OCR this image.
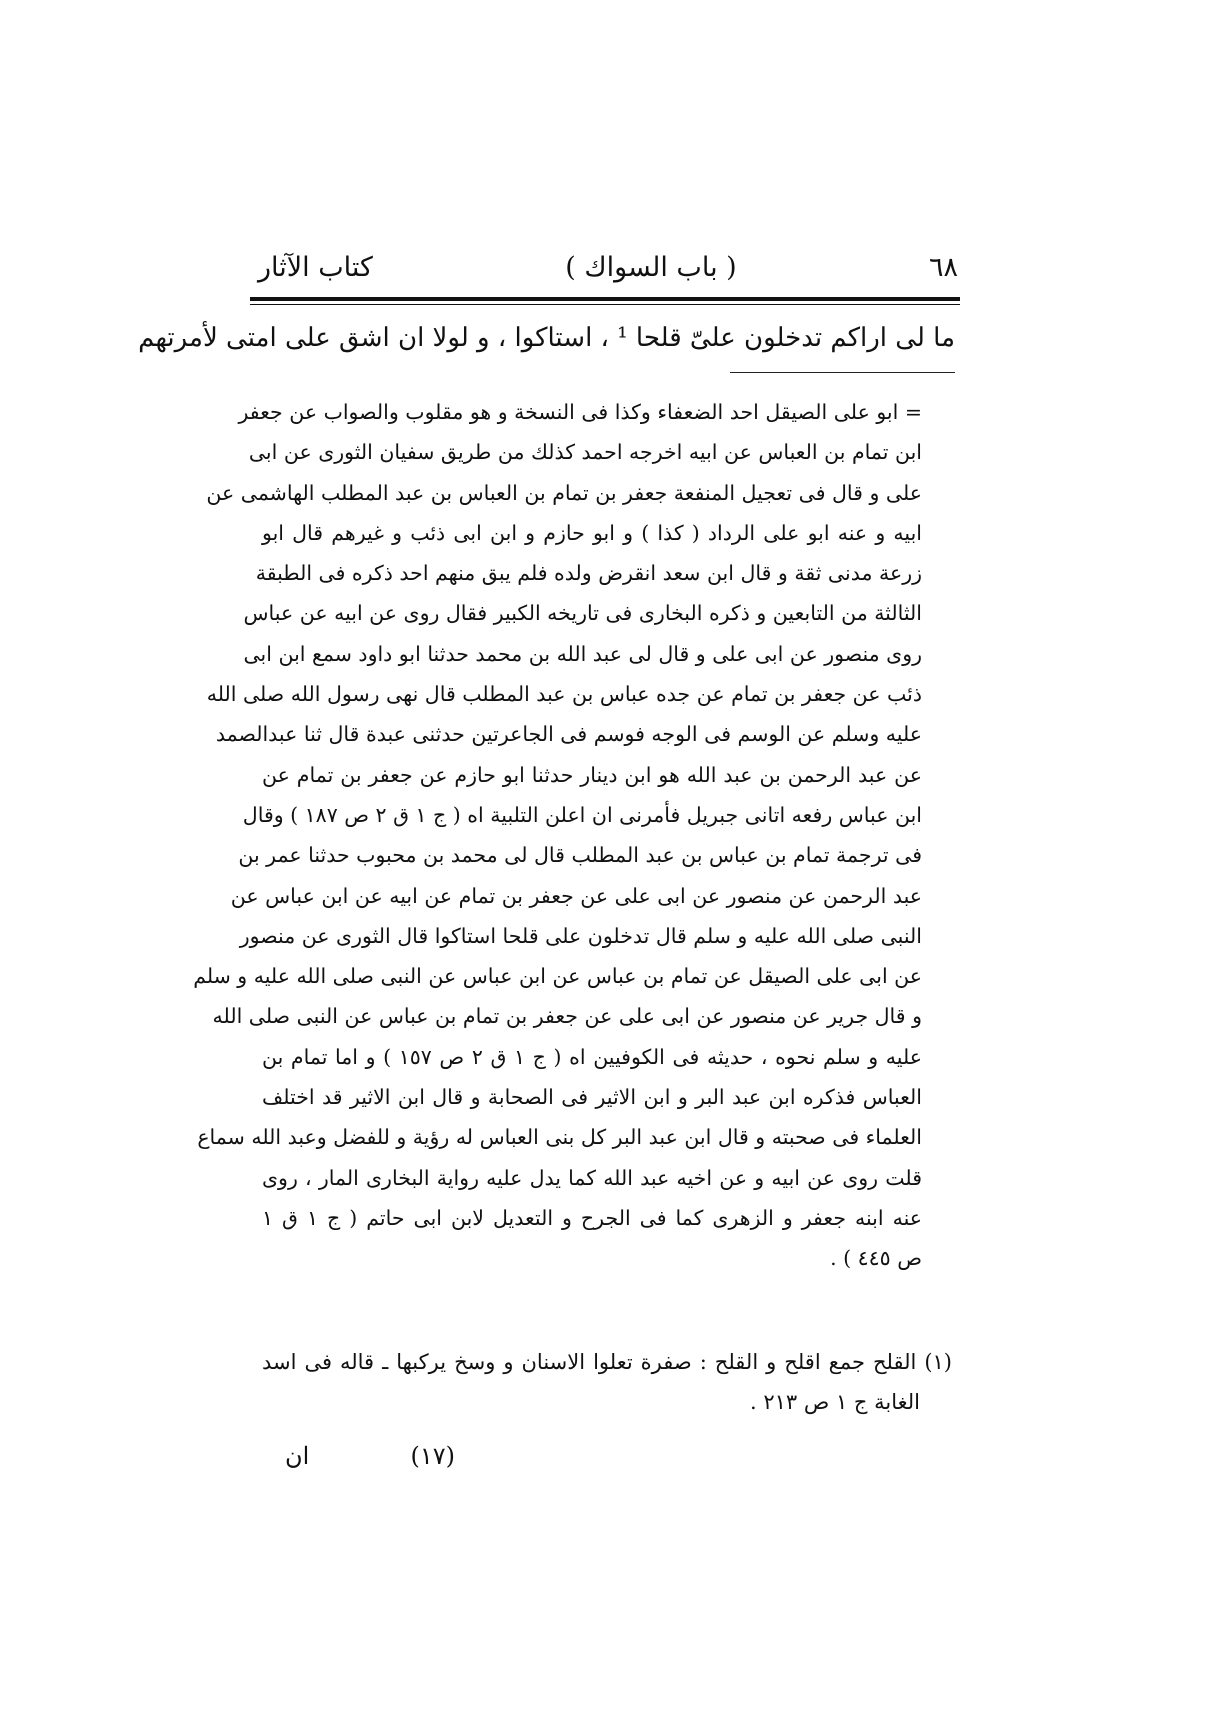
٦٨
( باب السواك )
كتاب الآثار
ما لى اراكم تدخلون علىّ قلحا ¹ ، استاكوا ، و لولا ان اشق على امتى لأمرتهم
= ابو على الصيقل احد الضعفاء وكذا فى النسخة و هو مقلوب والصواب عن جعفر
ابن تمام بن العباس عن ابيه اخرجه احمد كذلك من طريق سفيان الثورى عن ابى
على و قال فى تعجيل المنفعة جعفر بن تمام بن العباس بن عبد المطلب الهاشمى عن
ابيه و عنه ابو على الرداد ( كذا ) و ابو حازم و ابن ابى ذئب و غيرهم قال ابو
زرعة مدنى ثقة و قال ابن سعد انقرض ولده فلم يبق منهم احد ذكره فى الطبقة
الثالثة من التابعين و ذكره البخارى فى تاريخه الكبير فقال روى عن ابيه عن عباس
روى منصور عن ابى على و قال لى عبد الله بن محمد حدثنا ابو داود سمع ابن ابى
ذئب عن جعفر بن تمام عن جده عباس بن عبد المطلب قال نهى رسول الله صلى الله
عليه وسلم عن الوسم فى الوجه فوسم فى الجاعرتين حدثنى عبدة قال ثنا عبدالصمد
عن عبد الرحمن بن عبد الله هو ابن دينار حدثنا ابو حازم عن جعفر بن تمام عن
ابن عباس رفعه اتانى جبريل فأمرنى ان اعلن التلبية اه ( ج ١ ق ٢ ص ١٨٧ ) وقال
فى ترجمة تمام بن عباس بن عبد المطلب قال لى محمد بن محبوب حدثنا عمر بن
عبد الرحمن عن منصور عن ابى على عن جعفر بن تمام عن ابيه عن ابن عباس عن
النبى صلى الله عليه و سلم قال تدخلون على قلحا استاكوا قال الثورى عن منصور
عن ابى على الصيقل عن تمام بن عباس عن ابن عباس عن النبى صلى الله عليه و سلم
و قال جرير عن منصور عن ابى على عن جعفر بن تمام بن عباس عن النبى صلى الله
عليه و سلم نحوه ، حديثه فى الكوفيين اه ( ج ١ ق ٢ ص ١٥٧ ) و اما تمام بن
العباس فذكره ابن عبد البر و ابن الاثير فى الصحابة و قال ابن الاثير قد اختلف
العلماء فى صحبته و قال ابن عبد البر كل بنى العباس له رؤية و للفضل وعبد الله سماع
قلت روى عن ابيه و عن اخيه عبد الله كما يدل عليه رواية البخارى المار ، روى
عنه ابنه جعفر و الزهرى كما فى الجرح و التعديل لابن ابى حاتم ( ج ١ ق ١
ص ٤٤٥ ) .
(١) القلح جمع اقلح و القلح : صفرة تعلوا الاسنان و وسخ يركبها ـ قاله فى اسد
الغابة ج ١ ص ٢١٣ .
(١٧)
ان
